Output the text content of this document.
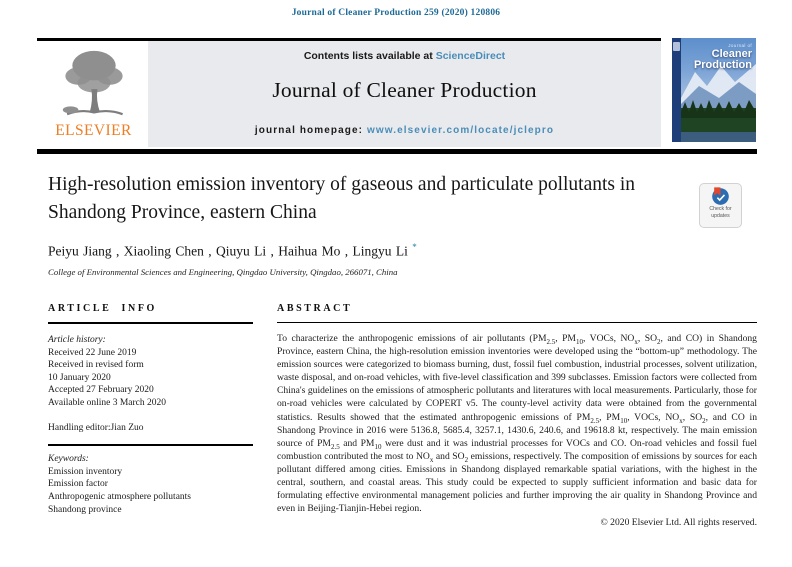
Journal of Cleaner Production 259 (2020) 120806
ELSEVIER
Contents lists available at ScienceDirect
Journal of Cleaner Production
journal homepage: www.elsevier.com/locate/jclepro
Journal of
Cleaner
Production
High-resolution emission inventory of gaseous and particulate pollutants in Shandong Province, eastern China	Check for
updates
Peiyu Jiang , Xiaoling Chen , Qiuyu Li , Haihua Mo , Lingyu Li *
College of Environmental Sciences and Engineering, Qingdao University, Qingdao, 266071, China
ARTICLE INFO
Article history:
Received 22 June 2019
Received in revised form
10 January 2020
Accepted 27 February 2020
Available online 3 March 2020
Handling editor:Jian Zuo
Keywords:
Emission inventory
Emission factor
Anthropogenic atmosphere pollutants
Shandong province
ABSTRACT
To characterize the anthropogenic emissions of air pollutants ($PM_{2.5}$, $PM_{10}$, VOCs, $NO_x$, $SO_2$, and CO) in Shandong Province, eastern China, the high-resolution emission inventories were developed using the “bottom-up” methodology. The emission sources were categorized to biomass burning, dust, fossil fuel combustion, industrial processes, solvent utilization, waste disposal, and on-road vehicles, with five-level classification and 399 subclasses. Emission factors were collected from China's guidelines on the emissions of atmospheric pollutants and literatures with local measurements. Particularly, those for on-road vehicles were calculated by COPERT v5. The county-level activity data were obtained from the governmental statistics. Results showed that the estimated anthropogenic emissions of $PM_{2.5}$, $PM_{10}$, VOCs, $NO_x$, $SO_2$, and CO in Shandong Province in 2016 were 5136.8, 5685.4, 3257.1, 1430.6, 240.6, and 19618.8 kt, respectively. The main emission source of $PM_{2.5}$ and $PM_{10}$ were dust and it was industrial processes for VOCs and CO. On-road vehicles and fossil fuel combustion contributed the most to $NO_x$ and $SO_2$ emissions, respectively. The composition of emissions by sources for each pollutant differed among cities. Emissions in Shandong displayed remarkable spatial variations, with the highest in the central, southern, and coastal areas. This study could be expected to supply sufficient information and basic data for formulating effective environmental management policies and further improving the air quality in Shandong Province and even in Beijing-Tianjin-Hebei region.
© 2020 Elsevier Ltd. All rights reserved.
